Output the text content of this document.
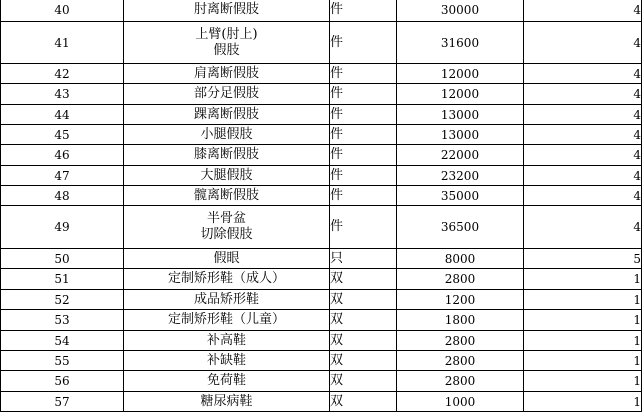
40	肘离断假肢	件	30000	4
41	上臂(肘上)
假肢	件	31600	4
42	肩离断假肢	件	12000	4
43	部分足假肢	件	12000	4
44	踝离断假肢	件	13000	4
45	小腿假肢	件	13000	4
46	膝离断假肢	件	22000	4
47	大腿假肢	件	23200	4
48	髋离断假肢	件	35000	4
49	半骨盆
切除假肢	件	36500	4
50	假眼	只	8000	5
51	定制矫形鞋（成人）	双	2800	1
52	成品矫形鞋	双	1200	1
53	定制矫形鞋（儿童）	双	1800	1
54	补高鞋	双	2800	1
55	补缺鞋	双	2800	1
56	免荷鞋	双	2800	1
57	糖尿病鞋	双	1000	1
